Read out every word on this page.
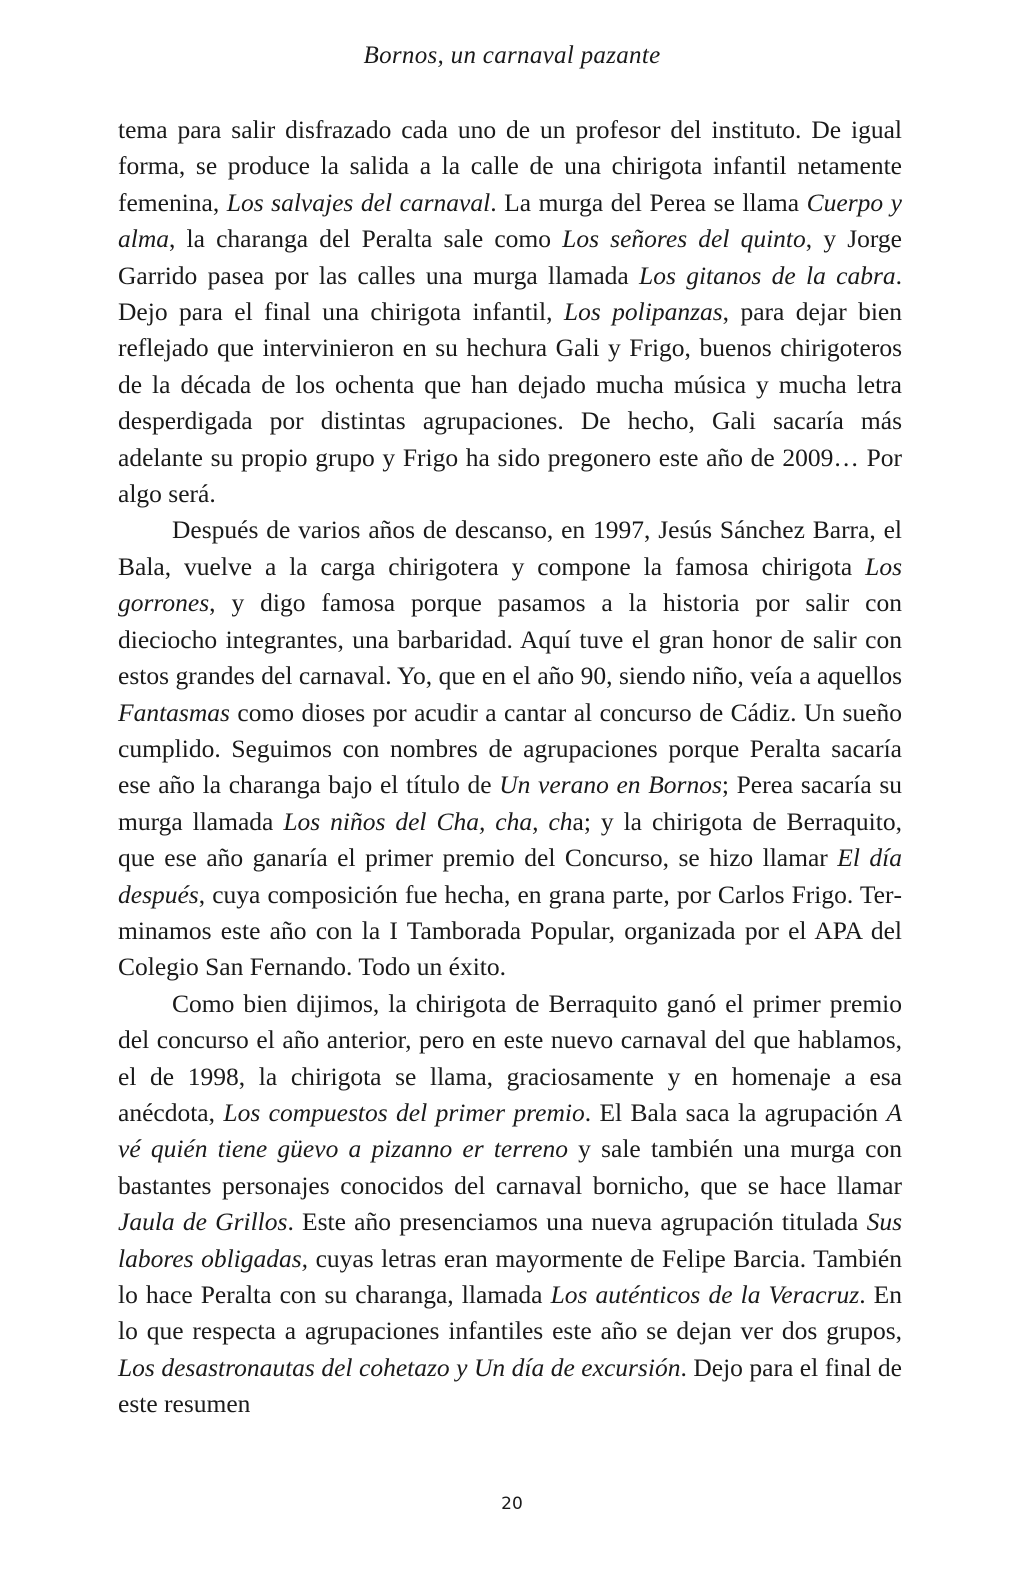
Bornos, un carnaval pazante

tema para salir disfrazado cada uno de un profesor del instituto. De igual forma, se produce la salida a la calle de una chirigota infantil netamente femenina, Los salvajes del carnaval. La murga del Perea se llama Cuerpo y alma, la charanga del Peralta sale como Los señores del quinto, y Jorge Garrido pasea por las calles una murga llamada Los gitanos de la cabra. Dejo para el final una chirigota infantil, Los polipanzas, para dejar bien reflejado que intervinieron en su hechura Gali y Frigo, buenos chirigoteros de la década de los ochenta que han dejado mucha música y mucha letra desperdigada por distintas agrupaciones. De hecho, Gali sacaría más adelante su propio grupo y Frigo ha sido pregonero este año de 2009… Por algo será.

Después de varios años de descanso, en 1997, Jesús Sánchez Barra, el Bala, vuelve a la carga chirigotera y compone la famosa chirigota Los gorrones, y digo famosa porque pasamos a la historia por salir con dieciocho integrantes, una barbaridad. Aquí tuve el gran honor de salir con estos grandes del carnaval. Yo, que en el año 90, siendo niño, veía a aquellos Fantasmas como dioses por acudir a cantar al concurso de Cádiz. Un sueño cumplido. Seguimos con nombres de agrupaciones porque Peralta sacaría ese año la charanga bajo el título de Un verano en Bornos; Perea sacaría su murga llamada Los niños del Cha, cha, cha; y la chirigota de Berraquito, que ese año ganaría el primer premio del Concurso, se hizo llamar El día después, cuya composición fue hecha, en grana parte, por Carlos Frigo. Terminamos este año con la I Tamborada Popular, organizada por el APA del Colegio San Fernando. Todo un éxito.

Como bien dijimos, la chirigota de Berraquito ganó el primer premio del concurso el año anterior, pero en este nuevo carnaval del que hablamos, el de 1998, la chirigota se llama, graciosamente y en homenaje a esa anécdota, Los compuestos del primer premio. El Bala saca la agrupación A vé quién tiene güevo a pizanno er terreno y sale también una murga con bastantes personajes conocidos del carnaval bornicho, que se hace llamar Jaula de Grillos. Este año presenciamos una nueva agrupación titulada Sus labores obligadas, cuyas letras eran mayormente de Felipe Barcia. También lo hace Peralta con su charanga, llamada Los auténticos de la Veracruz. En lo que respecta a agrupaciones infantiles este año se dejan ver dos grupos, Los desastronautas del cohetazo y Un día de excursión. Dejo para el final de este resumen

20
